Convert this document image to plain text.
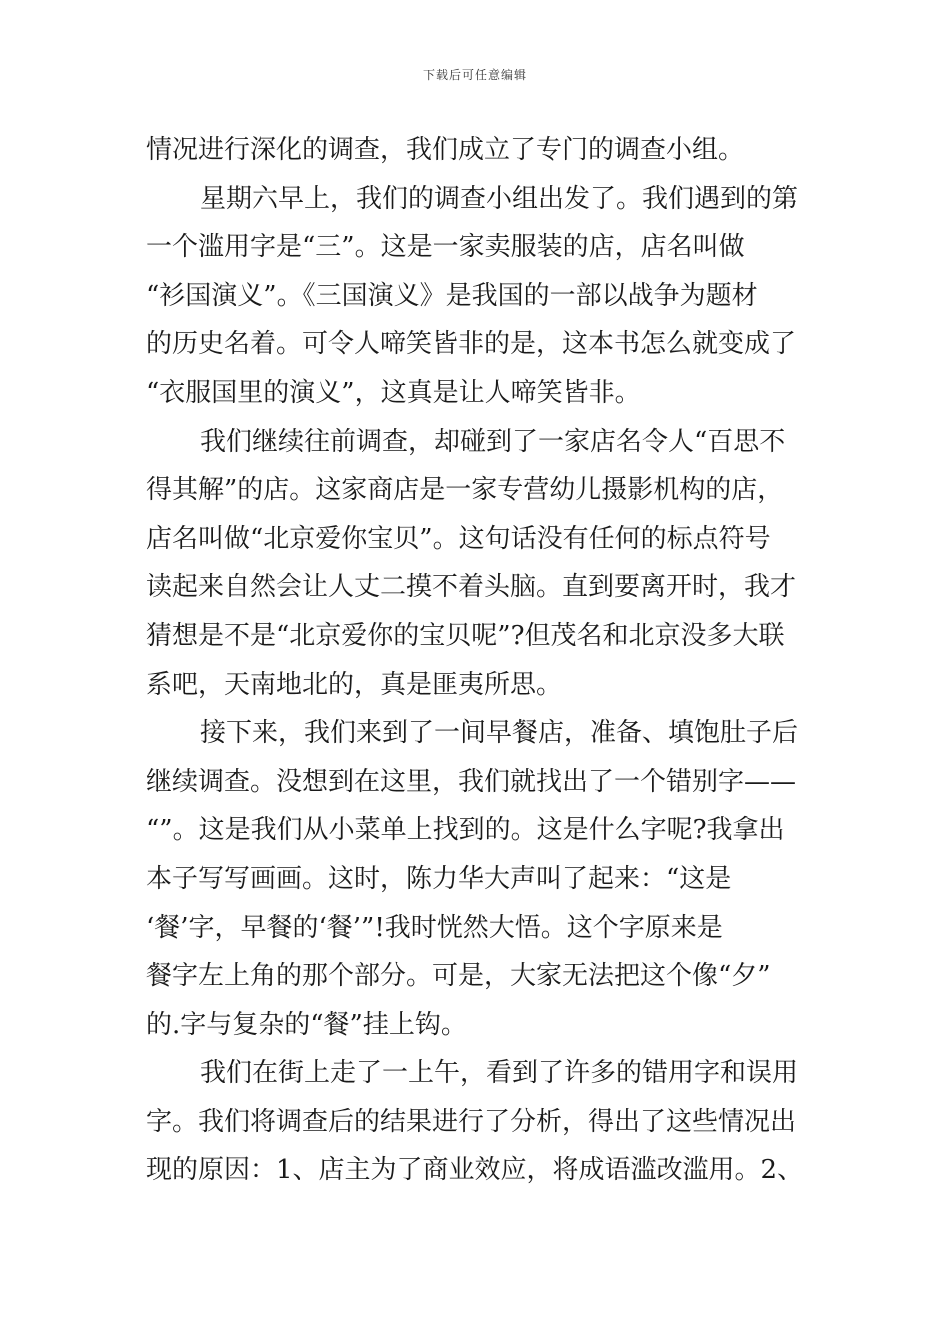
下载后可任意编辑
情况进行深化的调查，我们成立了专门的调查小组。
星期六早上，我们的调查小组出发了。我们遇到的第
一个滥用字是“三”。这是一家卖服装的店，店名叫做
“衫国演义”。《三国演义》是我国的一部以战争为题材
的历史名着。可令人啼笑皆非的是，这本书怎么就变成了
“衣服国里的演义”，这真是让人啼笑皆非。
我们继续往前调查，却碰到了一家店名令人“百思不
得其解”的店。这家商店是一家专营幼儿摄影机构的店，
店名叫做“北京爱你宝贝”。这句话没有任何的标点符号
读起来自然会让人丈二摸不着头脑。直到要离开时，我才
猜想是不是“北京爱你的宝贝呢”?但茂名和北京没多大联
系吧，天南地北的，真是匪夷所思。
接下来，我们来到了一间早餐店，准备、填饱肚子后
继续调查。没想到在这里，我们就找出了一个错别字——
“”。这是我们从小菜单上找到的。这是什么字呢?我拿出
本子写写画画。这时，陈力华大声叫了起来：“这是
‘餐’字，早餐的‘餐’”!我时恍然大悟。这个字原来是
餐字左上角的那个部分。可是，大家无法把这个像“夕”
的.字与复杂的“餐”挂上钩。
我们在街上走了一上午，看到了许多的错用字和误用
字。我们将调查后的结果进行了分析，得出了这些情况出
现的原因：1、店主为了商业效应，将成语滥改滥用。2、
